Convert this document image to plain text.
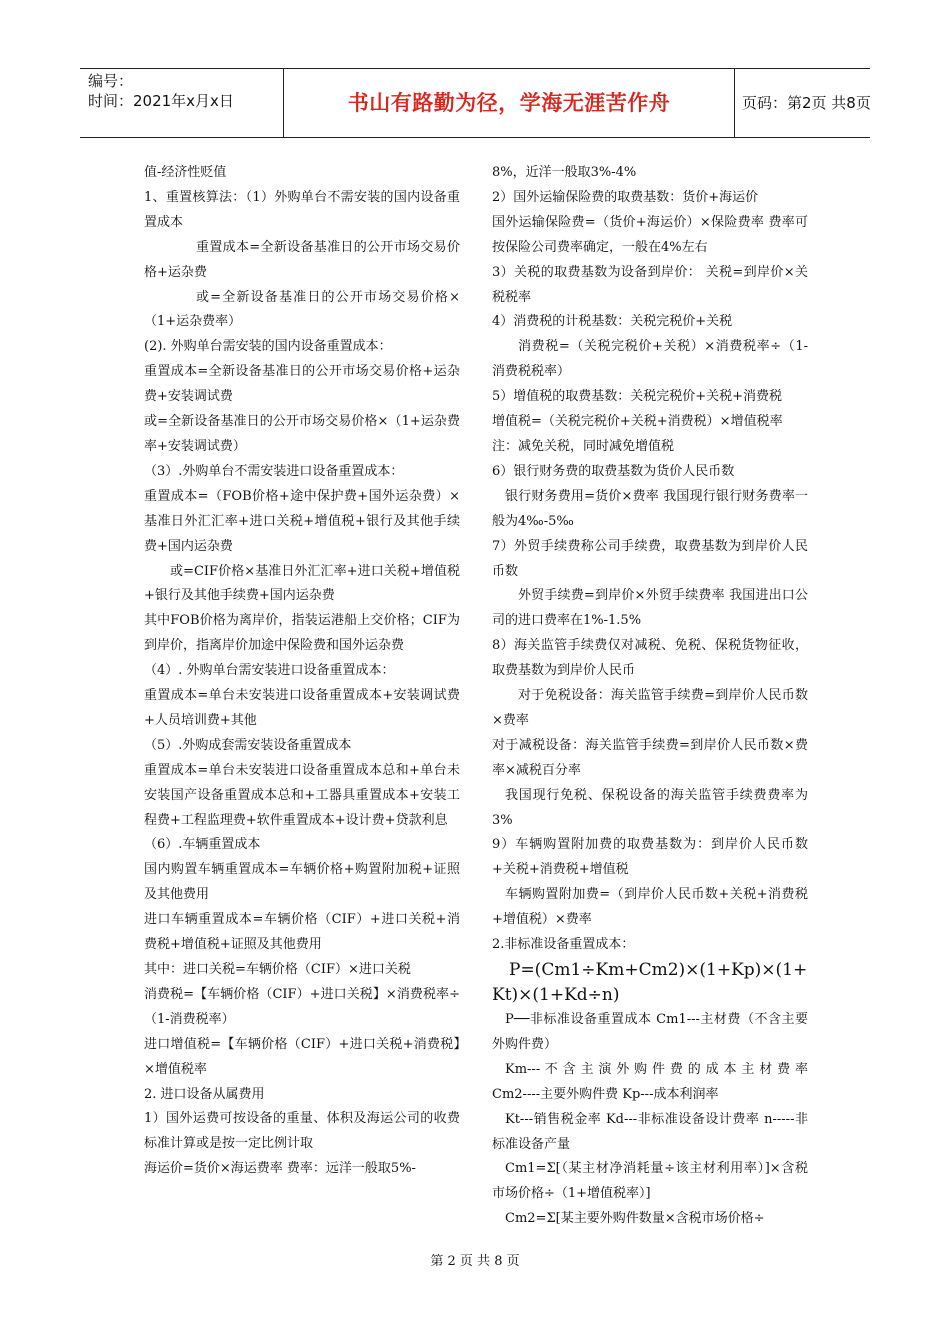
编号：
时间：2021年x月x日	书山有路勤为径，学海无涯苦作舟	页码：第2页 共8页

值-经济性贬值

1、重置核算法：（1）外购单台不需安装的国内设备重置成本

重置成本=全新设备基准日的公开市场交易价格+运杂费

或=全新设备基准日的公开市场交易价格×（1+运杂费率）

(2). 外购单台需安装的国内设备重置成本：

重置成本=全新设备基准日的公开市场交易价格+运杂费+安装调试费

或=全新设备基准日的公开市场交易价格×（1+运杂费率+安装调试费）

（3）.外购单台不需安装进口设备重置成本：

重置成本=（FOB价格+途中保护费+国外运杂费）×基准日外汇汇率+进口关税+增值税+银行及其他手续费+国内运杂费

或=CIF价格×基准日外汇汇率+进口关税+增值税+银行及其他手续费+国内运杂费

其中FOB价格为离岸价，指装运港船上交价格；CIF为到岸价，指离岸价加途中保险费和国外运杂费

（4）. 外购单台需安装进口设备重置成本：

重置成本=单台未安装进口设备重置成本+安装调试费+人员培训费+其他

（5）.外购成套需安装设备重置成本

重置成本=单台未安装进口设备重置成本总和+单台未安装国产设备重置成本总和+工器具重置成本+安装工程费+工程监理费+软件重置成本+设计费+贷款利息

（6）.车辆重置成本

国内购置车辆重置成本=车辆价格+购置附加税+证照及其他费用

进口车辆重置成本=车辆价格（CIF）+进口关税+消费税+增值税+证照及其他费用

其中：进口关税=车辆价格（CIF）×进口关税

消费税=【车辆价格（CIF）+进口关税】×消费税率÷（1-消费税率）

进口增值税=【车辆价格（CIF）+进口关税+消费税】×增值税率

2. 进口设备从属费用

1）国外运费可按设备的重量、体积及海运公司的收费标准计算或是按一定比例计取

海运价=货价×海运费率 费率：远洋一般取5%-

8%，近洋一般取3%-4%

2）国外运输保险费的取费基数：货价+海运价

国外运输保险费=（货价+海运价）×保险费率 费率可按保险公司费率确定，一般在4%左右

3）关税的取费基数为设备到岸价： 关税=到岸价×关税税率

4）消费税的计税基数：关税完税价+关税

消费税=（关税完税价+关税）×消费税率÷（1-消费税税率）

5）增值税的取费基数：关税完税价+关税+消费税

增值税=（关税完税价+关税+消费税）×增值税率

注：减免关税，同时减免增值税

6）银行财务费的取费基数为货价人民币数

银行财务费用=货价×费率 我国现行银行财务费率一般为4‰-5‰

7）外贸手续费称公司手续费，取费基数为到岸价人民币数

外贸手续费=到岸价×外贸手续费率 我国进出口公司的进口费率在1%-1.5%

8）海关监管手续费仅对减税、免税、保税货物征收，取费基数为到岸价人民币

对于免税设备：海关监管手续费=到岸价人民币数×费率

对于减税设备：海关监管手续费=到岸价人民币数×费率×减税百分率

我国现行免税、保税设备的海关监管手续费费率为3%

9）车辆购置附加费的取费基数为：到岸价人民币数+关税+消费税+增值税

车辆购置附加费=（到岸价人民币数+关税+消费税+增值税）×费率

2.非标准设备重置成本：

P=(Cm1÷Km+Cm2)×(1+Kp)×(1+Kt)×(1+Kd÷n)

P──非标准设备重置成本 Cm1---主材费（不含主要外购件费）

Km--- 不 含 主 演 外 购 件 费 的 成 本 主 材 费 率 Cm2----主要外购件费 Kp---成本利润率

Kt---销售税金率 Kd---非标准设备设计费率 n-----非标准设备产量

Cm1=Σ[（某主材净消耗量÷该主材利用率）]×含税市场价格÷（1+增值税率）]

Cm2=Σ[某主要外购件数量×含税市场价格÷

第 2 页 共 8 页
